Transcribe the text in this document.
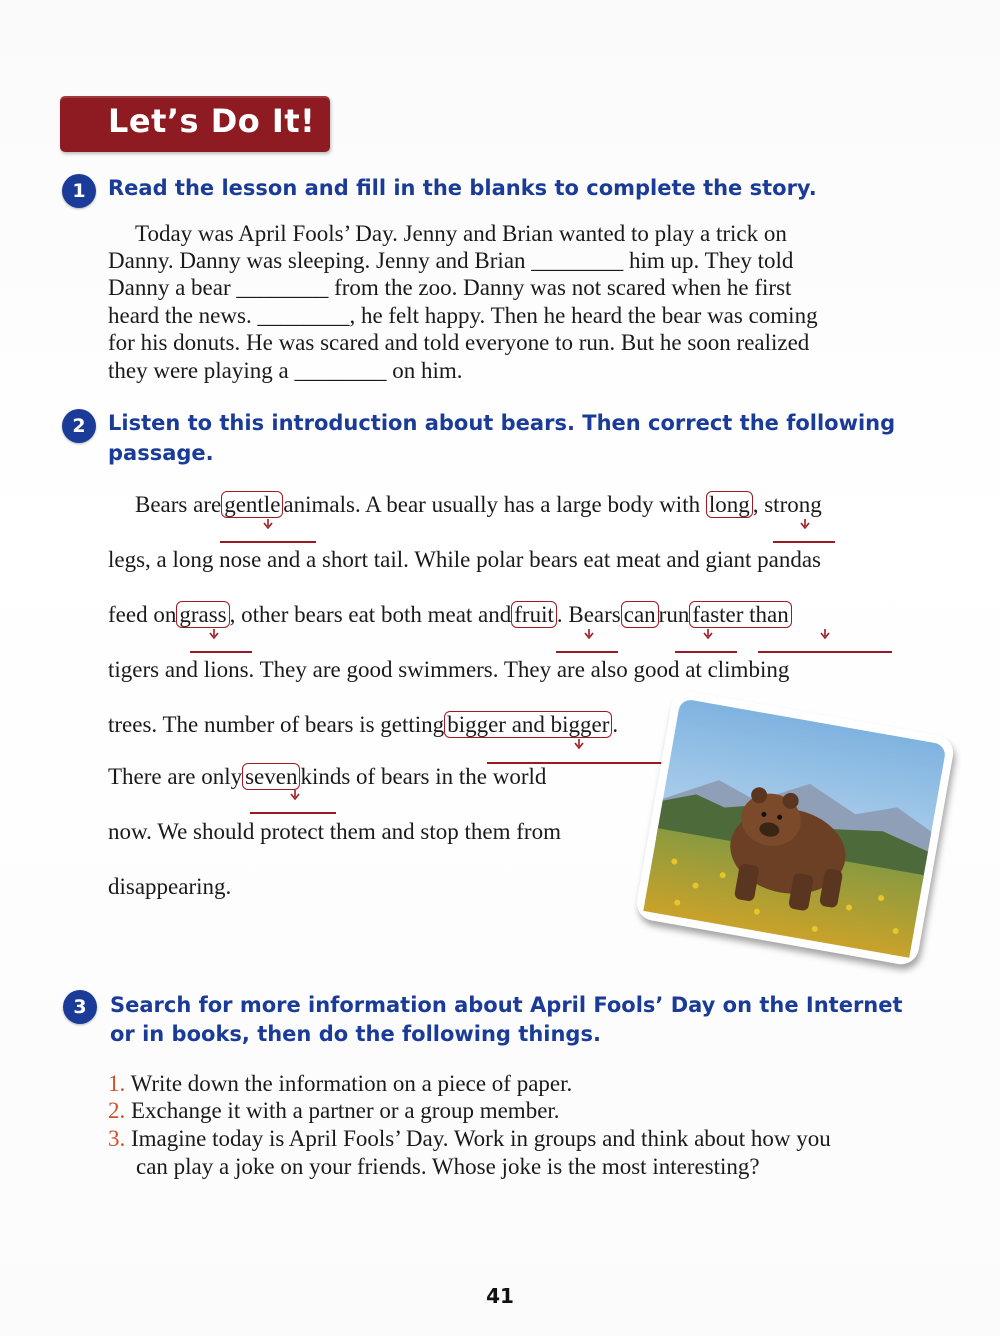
Let’s Do It!
1	Read the lesson and fill in the blanks to complete the story.
Today was April Fools’ Day. Jenny and Brian wanted to play a trick on
Danny. Danny was sleeping. Jenny and Brian ________ him up. They told
Danny a bear ________ from the zoo. Danny was not scared when he first
heard the news. ________, he felt happy. Then he heard the bear was coming
for his donuts. He was scared and told everyone to run. But he soon realized
they were playing a ________ on him.
2	Listen to this introduction about bears. Then correct the following
passage.
Bears are gentle animals. A bear usually has a large body with long , strong
legs, a long nose and a short tail. While polar bears eat meat and giant pandas
feed on grass , other bears eat both meat and fruit . Bears can run faster than
tigers and lions. They are good swimmers. They are also good at climbing
trees. The number of bears is getting bigger and bigger .
There are only seven kinds of bears in the world
now. We should protect them and stop them from
disappearing.
3	Search for more information about April Fools’ Day on the Internet
or in books, then do the following things.
1. Write down the information on a piece of paper.
2. Exchange it with a partner or a group member.
3. Imagine today is April Fools’ Day. Work in groups and think about how you
can play a joke on your friends. Whose joke is the most interesting?
41
